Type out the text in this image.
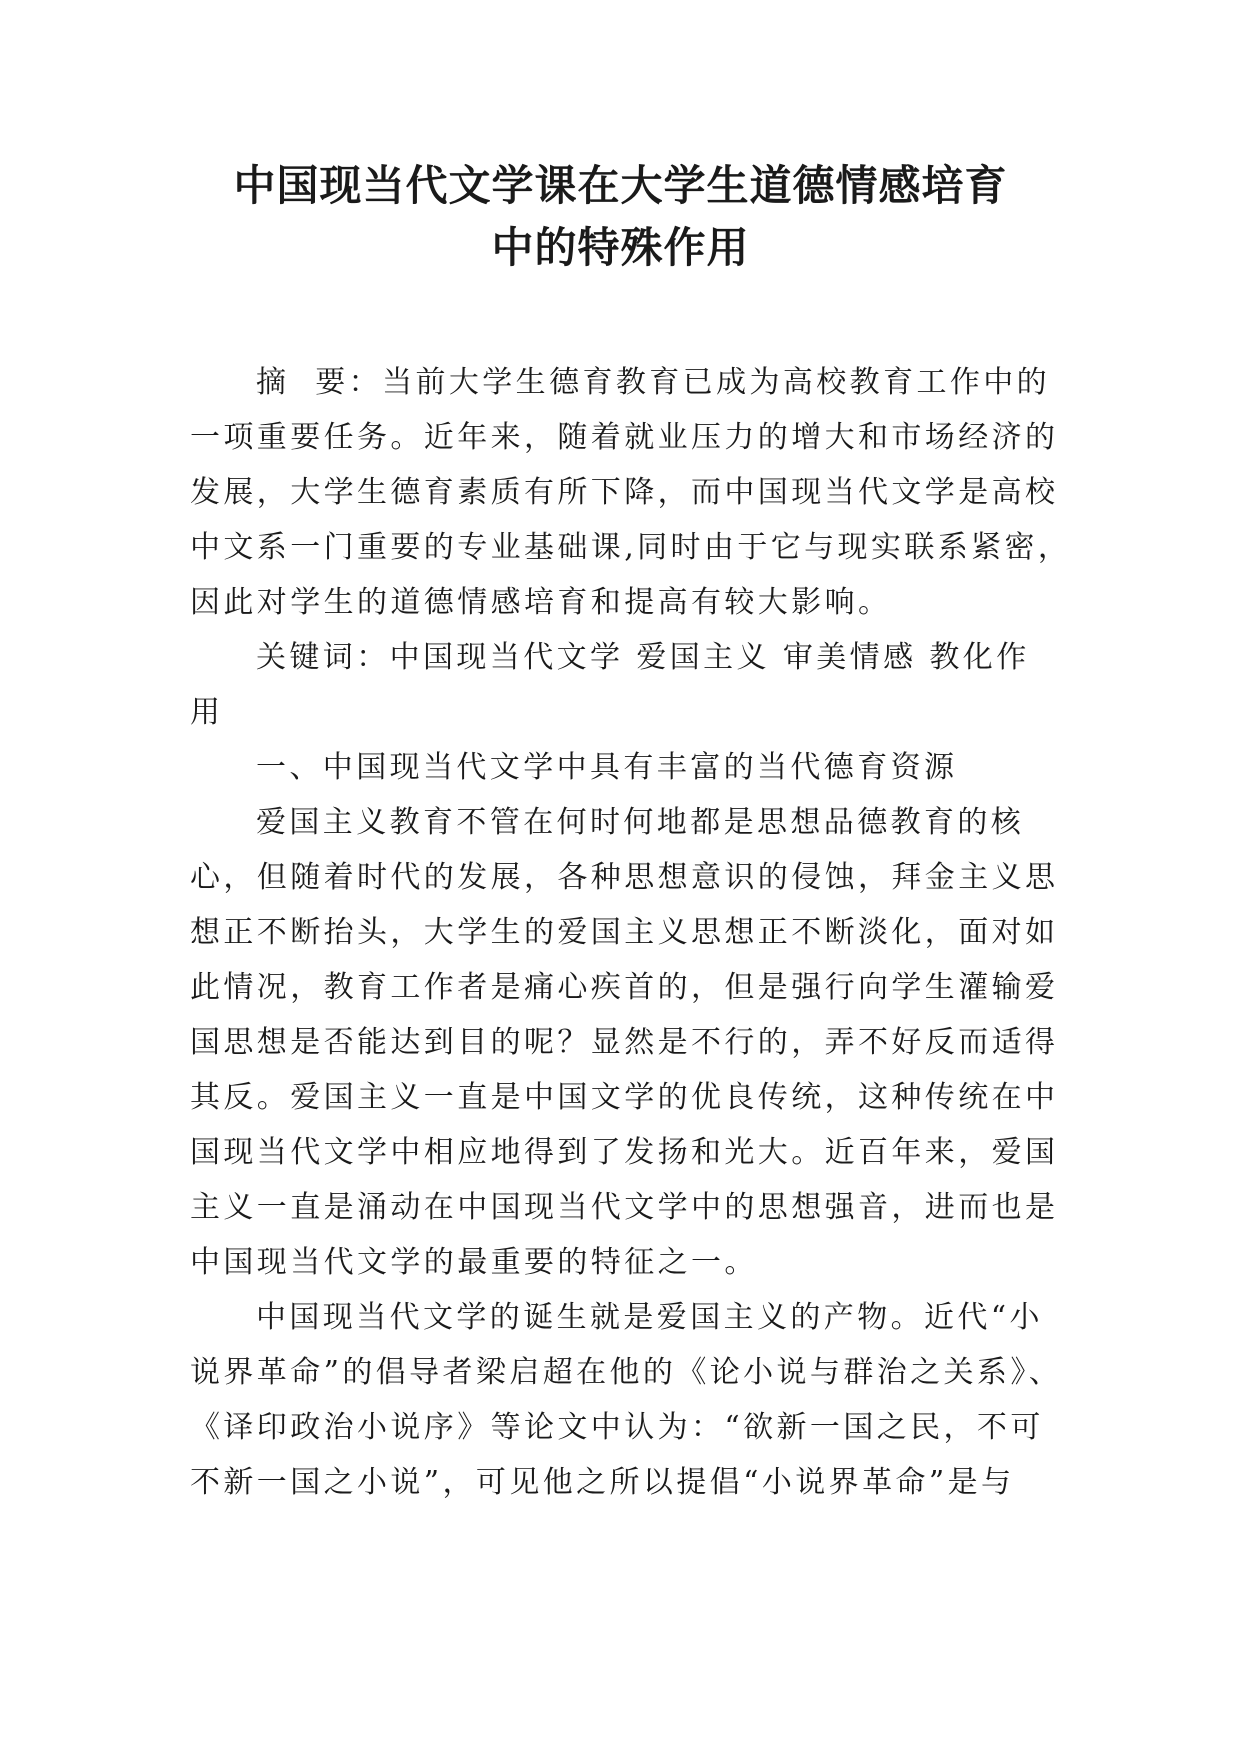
中国现当代文学课在大学生道德情感培育
中的特殊作用
摘  要：当前大学生德育教育已成为高校教育工作中的
一项重要任务。近年来，随着就业压力的增大和市场经济的
发展，大学生德育素质有所下降，而中国现当代文学是高校
中文系一门重要的专业基础课,同时由于它与现实联系紧密，
因此对学生的道德情感培育和提高有较大影响。
关键词：中国现当代文学 爱国主义 审美情感 教化作
用
一、中国现当代文学中具有丰富的当代德育资源
爱国主义教育不管在何时何地都是思想品德教育的核
心，但随着时代的发展，各种思想意识的侵蚀，拜金主义思
想正不断抬头，大学生的爱国主义思想正不断淡化，面对如
此情况，教育工作者是痛心疾首的，但是强行向学生灌输爱
国思想是否能达到目的呢？显然是不行的，弄不好反而适得
其反。爱国主义一直是中国文学的优良传统，这种传统在中
国现当代文学中相应地得到了发扬和光大。近百年来，爱国
主义一直是涌动在中国现当代文学中的思想强音，进而也是
中国现当代文学的最重要的特征之一。
中国现当代文学的诞生就是爱国主义的产物。近代“小
说界革命”的倡导者梁启超在他的《论小说与群治之关系》、
《译印政治小说序》等论文中认为：“欲新一国之民，不可
不新一国之小说”，可见他之所以提倡“小说界革命”是与
